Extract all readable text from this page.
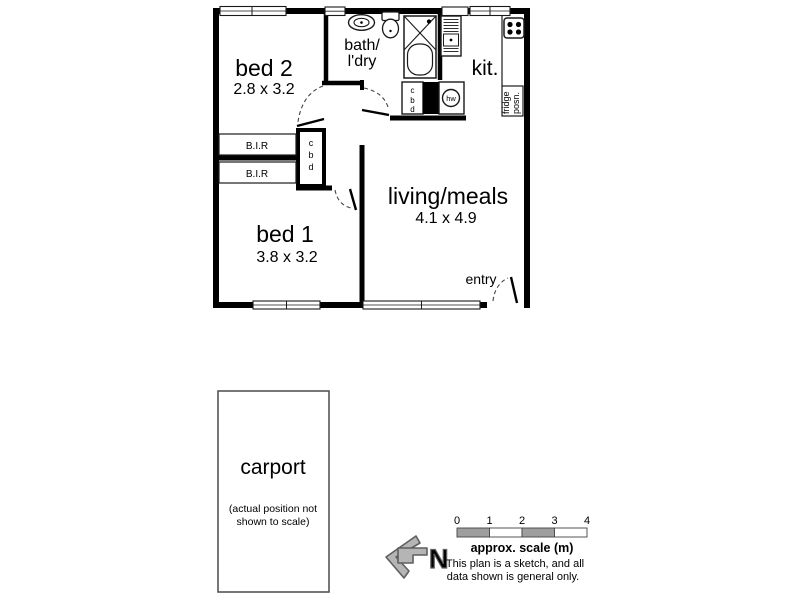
c
b
d
B.I.R
B.I.R
c
b
d
hw	fridge posn.
bed 2
2.8 x 3.2
bath/
l'dry	kit.
living/meals
4.1 x 4.9
bed 1
3.8 x 3.2
entry
carport
(actual position not
shown to scale)
N
0 1 2 3 4
approx. scale (m)
This plan is a sketch, and all
data shown is general only.
